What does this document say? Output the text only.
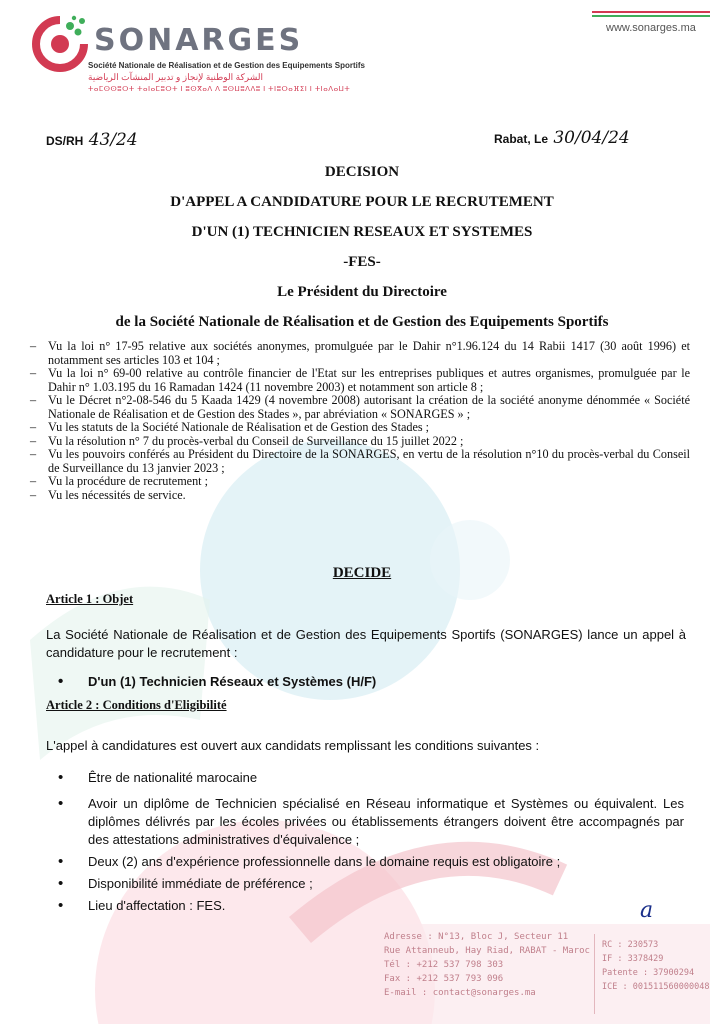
SONARGES
Société Nationale de Réalisation et de Gestion des Equipements Sportifs
الشركة الوطنية لإنجاز و تدبير المنشآت الرياضية
ⵜⴰⵎⵙⵙⵓⵔⵜ ⵜⴰⵏⴰⵎⵓⵔⵜ ⵏ ⵓⵙⴳⴰⴷ ⴷ ⵓⵙⵡⵓⴷⴷⵓ ⵏ ⵜⵏⵓⵔⴰⴼⵉⵏ ⵏ ⵜⵏⴰⴷⴰⵡⵜ
www.sonarges.ma
DS/RH 43/24	Rabat, Le 30/04/24
DECISION
D'APPEL A CANDIDATURE POUR LE RECRUTEMENT
D'UN (1) TECHNICIEN RESEAUX ET SYSTEMES
-FES-
Le Président du Directoire
de la Société Nationale de Réalisation et de Gestion des Equipements Sportifs
– Vu la loi n° 17-95 relative aux sociétés anonymes, promulguée par le Dahir n°1.96.124 du 14 Rabii 1417 (30 août 1996) et notamment ses articles 103 et 104 ;
– Vu la loi n° 69-00 relative au contrôle financier de l'Etat sur les entreprises publiques et autres organismes, promulguée par le Dahir n° 1.03.195 du 16 Ramadan 1424 (11 novembre 2003) et notamment son article 8 ;
– Vu le Décret n°2-08-546 du 5 Kaada 1429 (4 novembre 2008) autorisant la création de la société anonyme dénommée « Société Nationale de Réalisation et de Gestion des Stades », par abréviation « SONARGES » ;
– Vu les statuts de la Société Nationale de Réalisation et de Gestion des Stades ;
– Vu la résolution n° 7 du procès-verbal du Conseil de Surveillance du 15 juillet 2022 ;
– Vu les pouvoirs conférés au Président du Directoire de la SONARGES, en vertu de la résolution n°10 du procès-verbal du Conseil de Surveillance du 13 janvier 2023 ;
– Vu la procédure de recrutement ;
– Vu les nécessités de service.
DECIDE
Article 1 : Objet
La Société Nationale de Réalisation et de Gestion des Equipements Sportifs (SONARGES) lance un appel à candidature pour le recrutement :
• D'un (1) Technicien Réseaux et Systèmes (H/F)
Article 2 : Conditions d'Eligibilité
L'appel à candidatures est ouvert aux candidats remplissant les conditions suivantes :
• Être de nationalité marocaine
• Avoir un diplôme de Technicien spécialisé en Réseau informatique et Systèmes ou équivalent. Les diplômes délivrés par les écoles privées ou établissements étrangers doivent être accompagnés par des attestations administratives d'équivalence ;
• Deux (2) ans d'expérience professionnelle dans le domaine requis est obligatoire ;
• Disponibilité immédiate de préférence ;
• Lieu d'affectation : FES.	a
Adresse : N°13, Bloc J, Secteur 11
Rue Attanneub, Hay Riad, RABAT - Maroc
Tél : +212 537 798 303
Fax : +212 537 793 096
E-mail : contact@sonarges.ma
RC : 230573
IF : 3378429
Patente : 37900294
ICE : 001511560000048
